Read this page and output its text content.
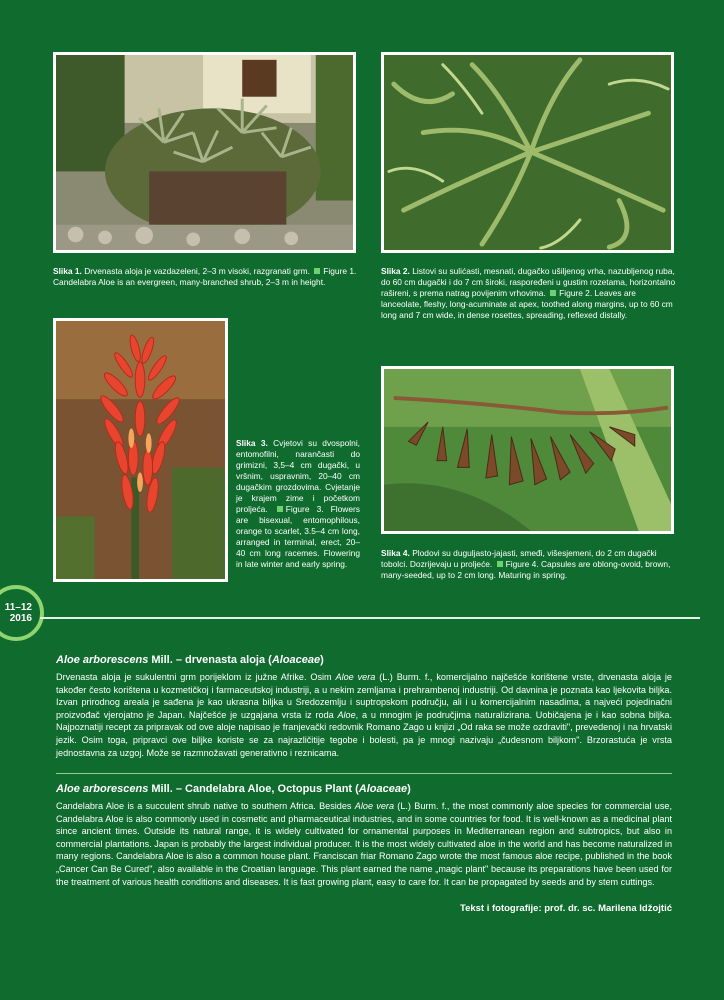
Slika 1. Drvenasta aloja je vazdazeleni, 2–3 m visoki, razgranati grm. Figure 1. Candelabra Aloe is an evergreen, many-branched shrub, 2–3 m in height.
Slika 2. Listovi su sulićasti, mesnati, dugačko ušiljenog vrha, nazubljenog ruba, do 60 cm dugački i do 7 cm široki, raspoređeni u gustim rozetama, horizontalno rašireni, s prema natrag povijenim vrhovima. Figure 2. Leaves are lanceolate, fleshy, long-acuminate at apex, toothed along margins, up to 60 cm long and 7 cm wide, in dense rosettes, spreading, reflexed distally.
Slika 3. Cvjetovi su dvospolni, entomofilni, narančasti do grimizni, 3,5–4 cm dugački, u vršnim, uspravnim, 20–40 cm dugačkim grozdovima. Cvjetanje je krajem zime i početkom proljeća. Figure 3. Flowers are bisexual, entomophilous, orange to scarlet, 3.5–4 cm long, arranged in terminal, erect, 20–40 cm long racemes. Flowering in late winter and early spring.
Slika 4. Plodovi su duguljasto-jajasti, smeđi, višesjemeni, do 2 cm dugački tobolci. Dozrijevaju u proljeće. Figure 4. Capsules are oblong-ovoid, brown, many-seeded, up to 2 cm long. Maturing in spring.
11–12
2016
Aloe arborescens Mill. – drvenasta aloja (Aloaceae)
Drvenasta aloja je sukulentni grm porijeklom iz južne Afrike. Osim Aloe vera (L.) Burm. f., komercijalno najčešće korištene vrste, drvenasta aloja je također često korištena u kozmetičkoj i farmaceutskoj industriji, a u nekim zemljama i prehrambenoj industriji. Od davnina je poznata kao ljekovita biljka. Izvan prirodnog areala je sađena je kao ukrasna biljka u Sredozemlju i suptropskom području, ali i u komercijalnim nasadima, a najveći pojedinačni proizvođač vjerojatno je Japan. Najčešće je uzgajana vrsta iz roda Aloe, a u mnogim je područjima naturalizirana. Uobičajena je i kao sobna biljka. Najpoznatiji recept za pripravak od ove aloje napisao je franjevački redovnik Romano Zago u knjizi „Od raka se može ozdraviti", prevedenoj i na hrvatski jezik. Osim toga, pripravci ove biljke koriste se za najrazličitije tegobe i bolesti, pa je mnogi nazivaju „čudesnom biljkom". Brzorastuća je vrsta jednostavna za uzgoj. Može se razmnožavati generativno i reznicama.
Aloe arborescens Mill. – Candelabra Aloe, Octopus Plant (Aloaceae)
Candelabra Aloe is a succulent shrub native to southern Africa. Besides Aloe vera (L.) Burm. f., the most commonly aloe species for commercial use, Candelabra Aloe is also commonly used in cosmetic and pharmaceutical industries, and in some countries for food. It is well-known as a medicinal plant since ancient times. Outside its natural range, it is widely cultivated for ornamental purposes in Mediterranean region and subtropics, but also in commercial plantations. Japan is probably the largest individual producer. It is the most widely cultivated aloe in the world and has become naturalized in many regions. Candelabra Aloe is also a common house plant. Franciscan friar Romano Zago wrote the most famous aloe recipe, published in the book „Cancer Can Be Cured", also available in the Croatian language. This plant earned the name „magic plant" because its preparations have been used for the treatment of various health conditions and diseases. It is fast growing plant, easy to care for. It can be propagated by seeds and by stem cuttings.
Tekst i fotografije: prof. dr. sc. Marilena Idžojtić
